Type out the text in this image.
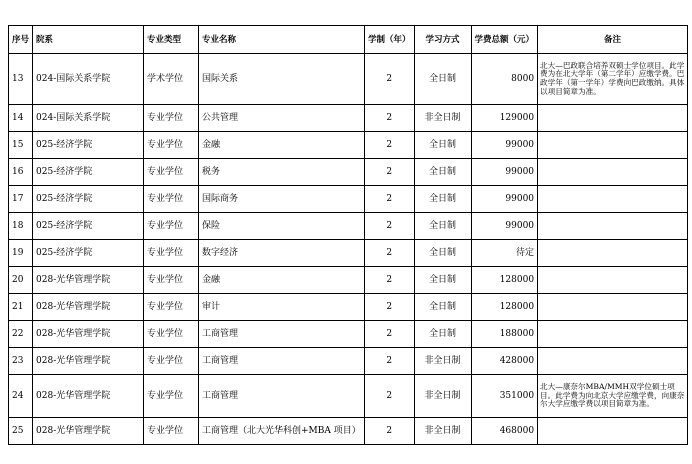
序号	院系	专业类型	专业名称	学制（年）	学习方式	学费总额（元）	备注
13	024-国际关系学院	学术学位	国际关系	2	全日制	8000	北大—巴政联合培养双硕士学位项目。此学费为在北大学年（第二学年）应缴学费。巴政学年（第一学年）学费向巴政缴纳。具体以项目简章为准。
14	024-国际关系学院	专业学位	公共管理	2	非全日制	129000	
15	025-经济学院	专业学位	金融	2	全日制	99000	
16	025-经济学院	专业学位	税务	2	全日制	99000	
17	025-经济学院	专业学位	国际商务	2	全日制	99000	
18	025-经济学院	专业学位	保险	2	全日制	99000	
19	025-经济学院	专业学位	数字经济	2	全日制	待定	
20	028-光华管理学院	专业学位	金融	2	全日制	128000	
21	028-光华管理学院	专业学位	审计	2	全日制	128000	
22	028-光华管理学院	专业学位	工商管理	2	全日制	188000	
23	028-光华管理学院	专业学位	工商管理	2	非全日制	428000	
24	028-光华管理学院	专业学位	工商管理	2	非全日制	351000	北大—康奈尔MBA/MMH双学位硕士项目。此学费为向北京大学应缴学费，向康奈尔大学应缴学费以项目简章为准。
25	028-光华管理学院	专业学位	工商管理（北大光华科创+MBA 项目）	2	非全日制	468000	
